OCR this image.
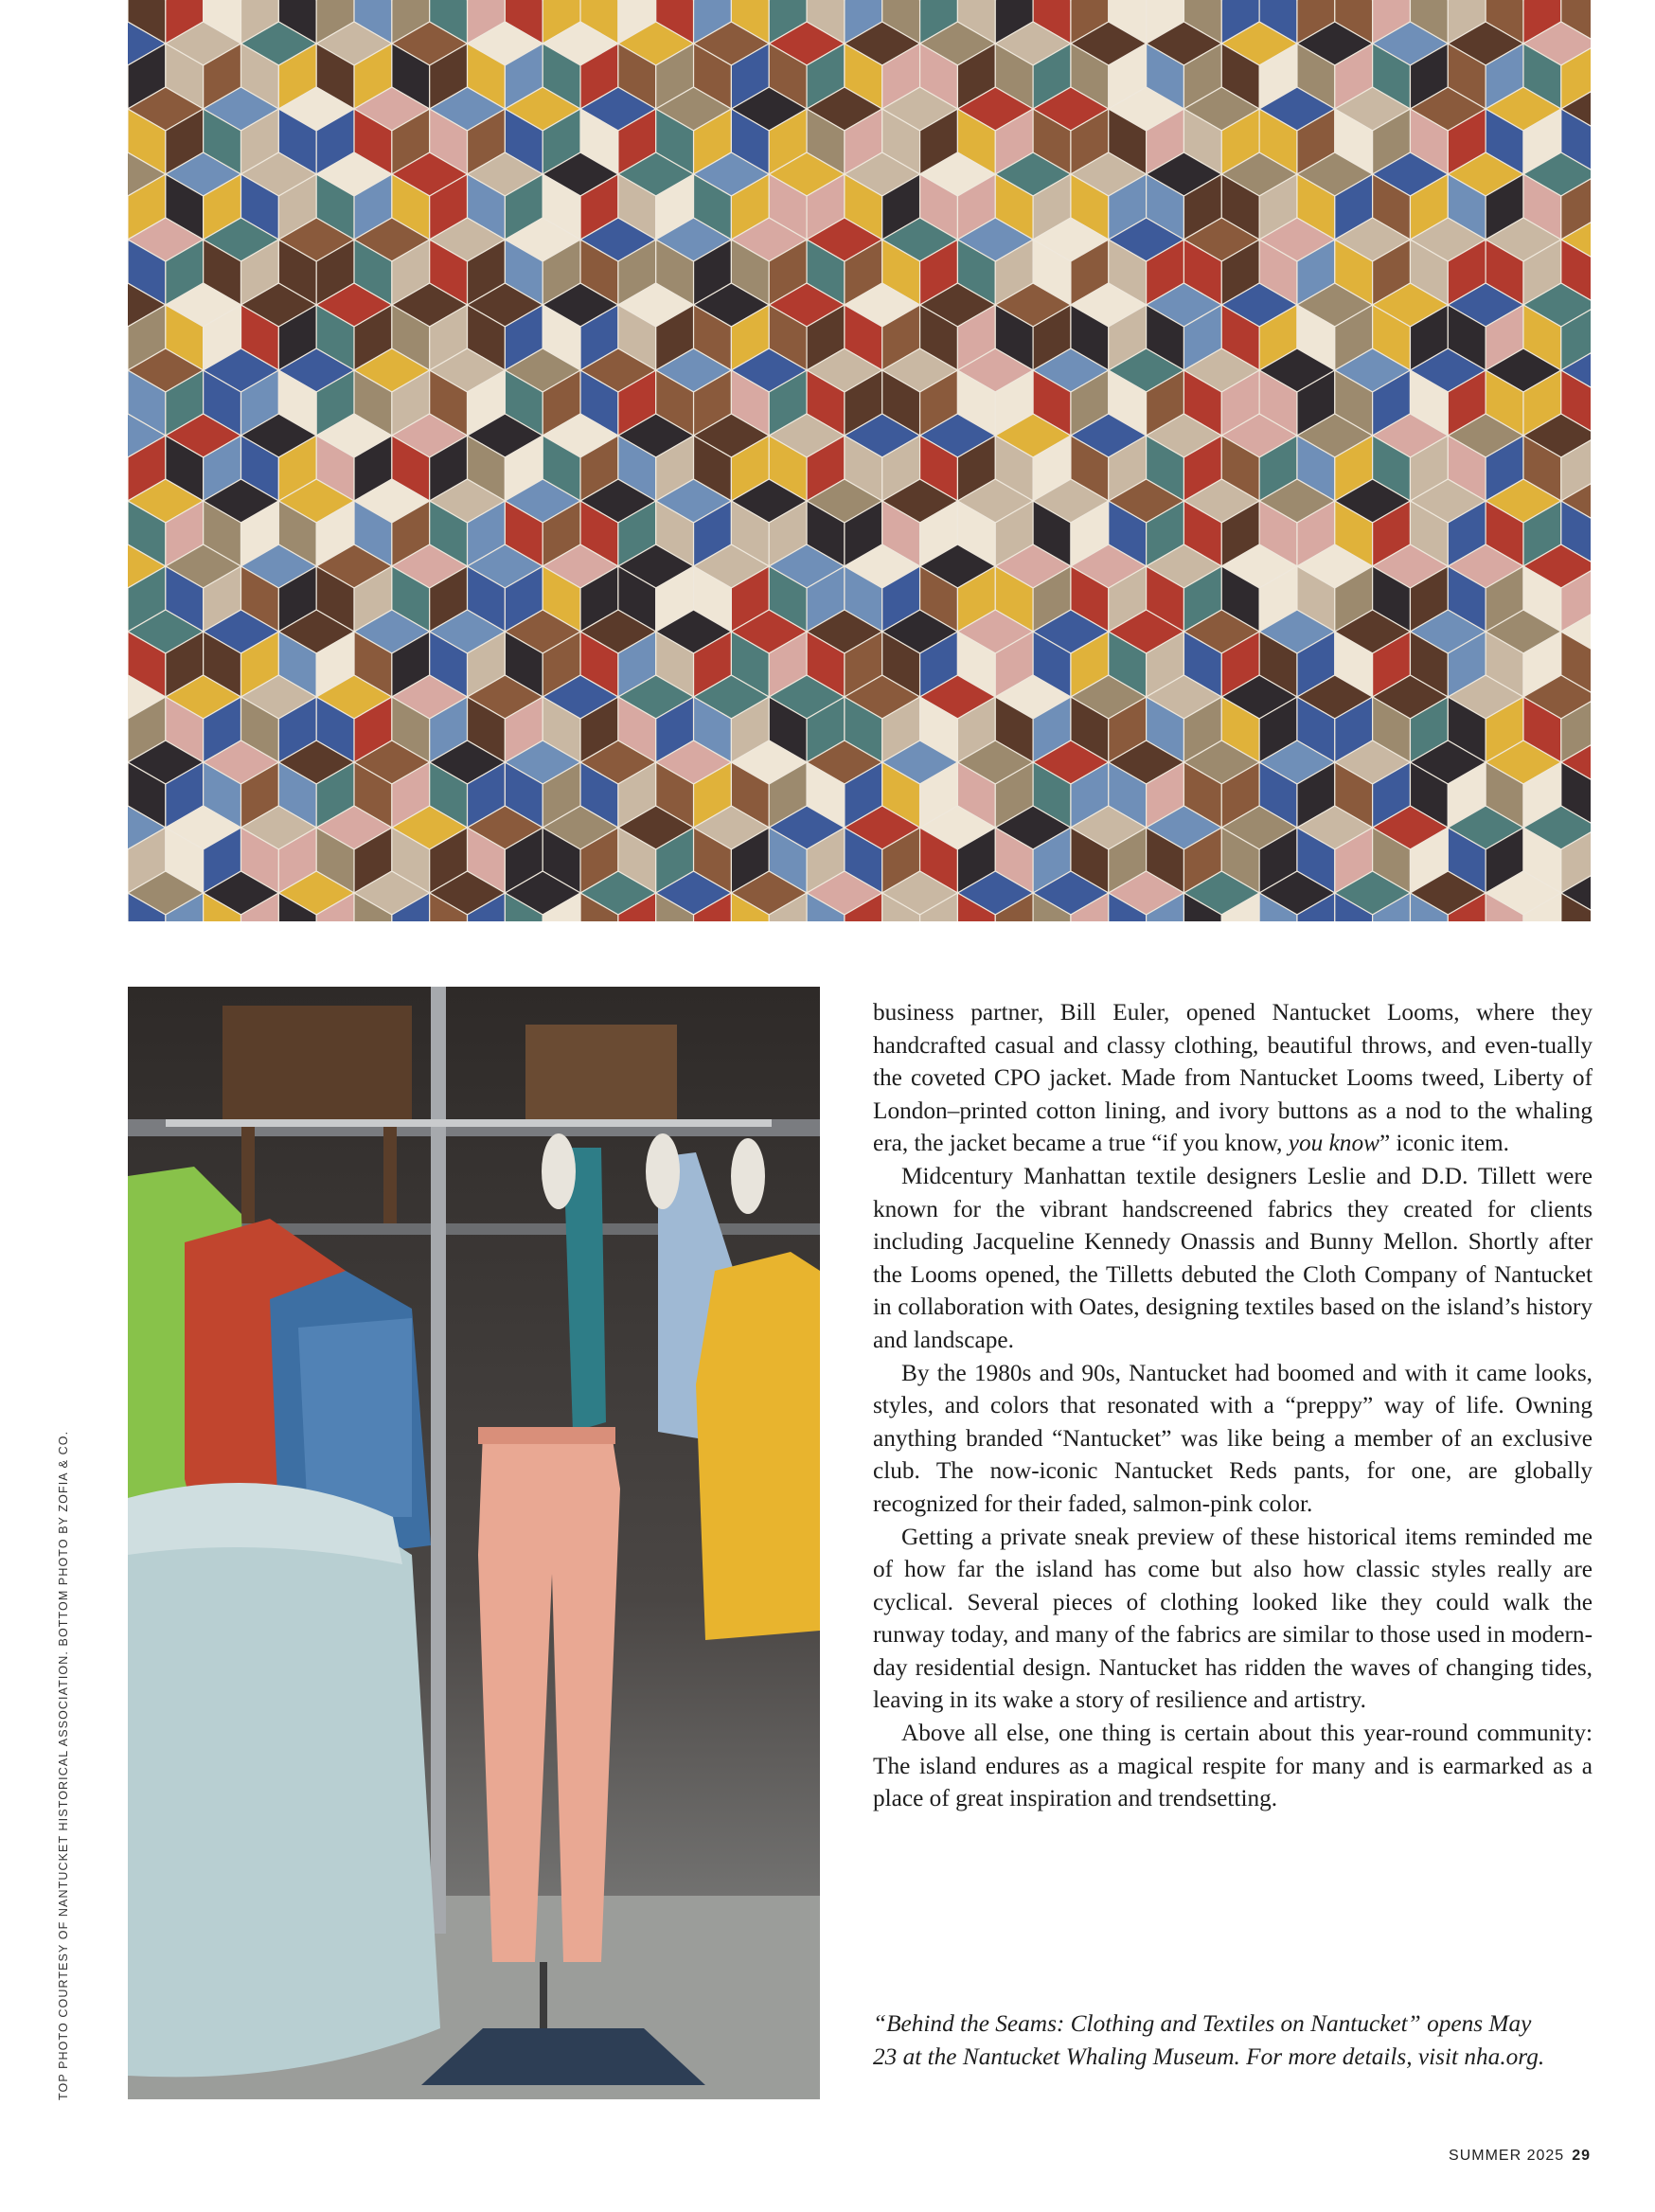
TOP PHOTO COURTESY OF NANTUCKET HISTORICAL ASSOCIATION. BOTTOM PHOTO BY ZOFIA & CO.

business partner, Bill Euler, opened Nantucket Looms, where they handcrafted casual and classy clothing, beautiful throws, and even-tually the coveted CPO jacket. Made from Nantucket Looms tweed, Liberty of London–printed cotton lining, and ivory buttons as a nod to the whaling era, the jacket became a true “if you know, you know” iconic item.

Midcentury Manhattan textile designers Leslie and D.D. Tillett were known for the vibrant handscreened fabrics they created for clients including Jacqueline Kennedy Onassis and Bunny Mellon. Shortly after the Looms opened, the Tilletts debuted the Cloth Company of Nantucket in collaboration with Oates, designing textiles based on the island’s history and landscape.

By the 1980s and 90s, Nantucket had boomed and with it came looks, styles, and colors that resonated with a “preppy” way of life. Owning anything branded “Nantucket” was like being a member of an exclusive club. The now-iconic Nantucket Reds pants, for one, are globally recognized for their faded, salmon-pink color.

Getting a private sneak preview of these historical items reminded me of how far the island has come but also how classic styles really are cyclical. Several pieces of clothing looked like they could walk the runway today, and many of the fabrics are similar to those used in modern-day residential design. Nantucket has ridden the waves of changing tides, leaving in its wake a story of resilience and artistry.

Above all else, one thing is certain about this year-round community: The island endures as a magical respite for many and is earmarked as a place of great inspiration and trendsetting.

“Behind the Seams: Clothing and Textiles on Nantucket” opens May 23 at the Nantucket Whaling Museum. For more details, visit nha.org.
SUMMER 2025 29
